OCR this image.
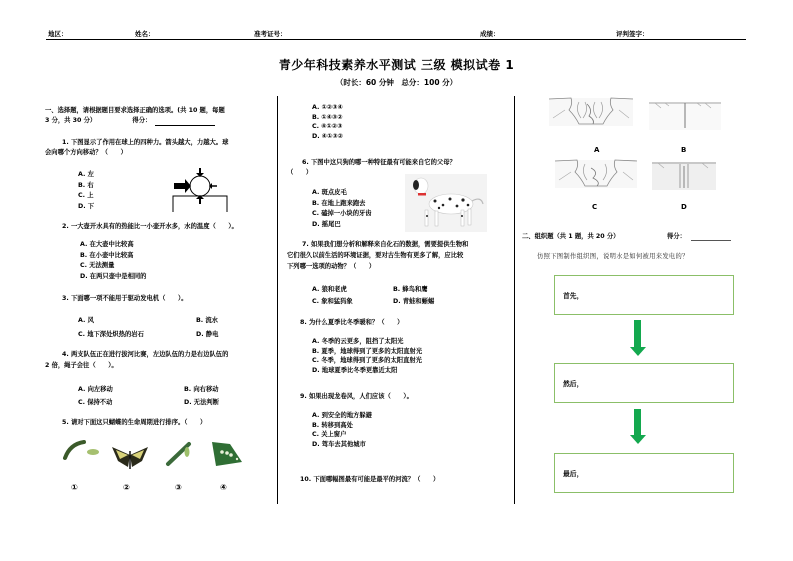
地区：	姓名：	准考证号：	成绩：	评判签字：
青少年科技素养水平测试 三级 模拟试卷 1
（时长：60 分钟　总分：100 分）
一、选择题，请根据题目要求选择正确的选项。(共 10 题，每题
3 分，共 30 分）	得分：
1. 下图显示了作用在球上的四种力。箭头越大，力越大。球
会向哪个方向移动？（　　）
A. 左
B. 右
C. 上
D. 下
2. 一大壶开水具有的热能比一小壶开水多，水的温度（　　）。
A. 在大壶中比较高
B. 在小壶中比较高
C. 无法测量
D. 在两只壶中是相同的
3. 下面哪一项不能用于驱动发电机（　　）。
A. 风	B. 流水
C. 地下深处炽热的岩石	D. 静电
4. 两支队伍正在进行拔河比赛，左边队伍的力是右边队伍的
2 倍，绳子会往（　　）。
A. 向左移动	B. 向右移动
C. 保持不动	D. 无法判断
5. 请对下面这只蝴蝶的生命周期进行排序。（　　）
①	②	③	④
A. ①②③④
B. ①④③②
C. ④①②③
D. ④①③②
6. 下图中这只狗的哪一种特征最有可能来自它的父母？
（　　）
A. 斑点皮毛
B. 在地上跑来跑去
C. 磕掉一小块的牙齿
D. 摇尾巴
7. 如果我们想分析和解释来自化石的数据，需要提供生物和
它们很久以前生活的环境证据，要对古生物有更多了解，应比较
下列哪一选项的动物？（　　）
A. 狼和老虎	B. 蜂鸟和鹰
C. 象和猛犸象	D. 青蛙和蜥蜴
8. 为什么夏季比冬季暖和？（　　）
A. 冬季的云更多，阻挡了太阳光
B. 夏季，地球得到了更多的太阳直射光
C. 冬季，地球得到了更多的太阳直射光
D. 地球夏季比冬季更靠近太阳
9. 如果出现龙卷风，人们应该（　　）。
A. 到安全的地方躲避
B. 转移到高处
C. 关上窗户
D. 驾车去其他城市
10. 下面哪幅图最有可能是最平的河流？（　　）
A	B
C	D
二、组织题（共 1 题，共 20 分）	得分：
仿照下图制作组织图，说明水是如何被用来发电的？
首先，
然后，
最后，
